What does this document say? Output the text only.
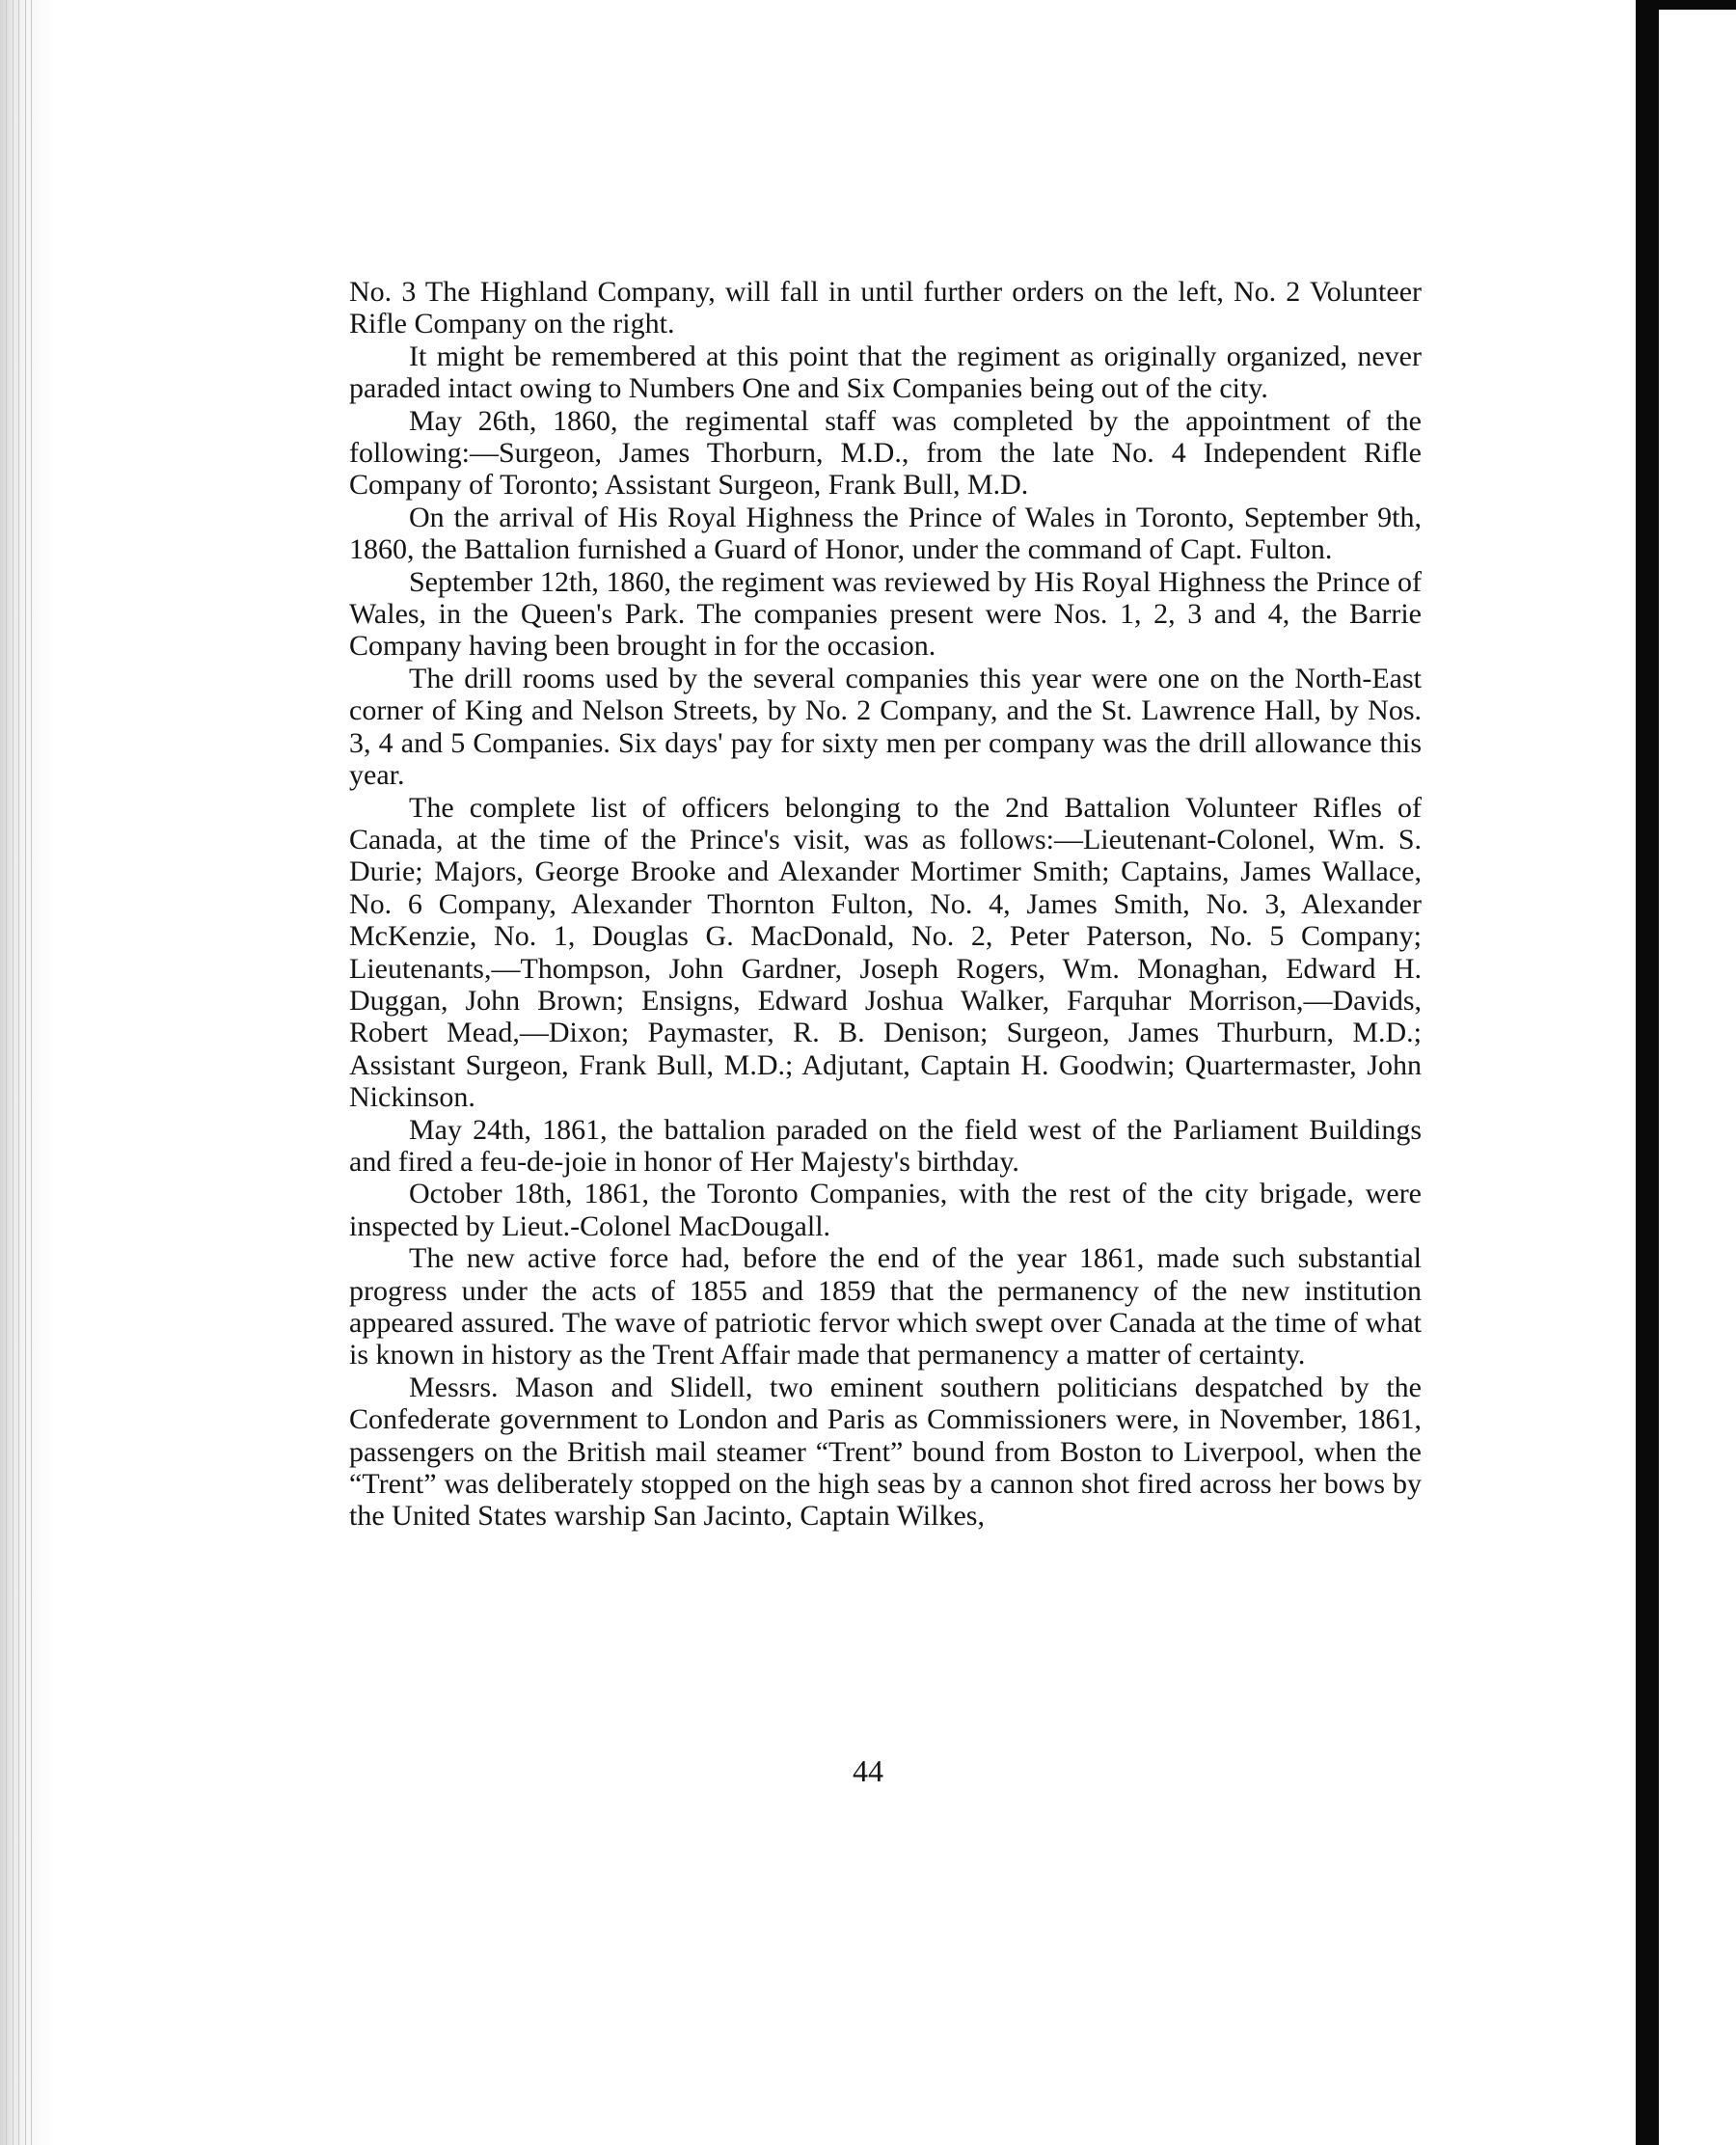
No. 3 The Highland Company, will fall in until further orders on the left, No. 2 Volunteer Rifle Company on the right.

It might be remembered at this point that the regiment as originally organized, never paraded intact owing to Numbers One and Six Companies being out of the city.

May 26th, 1860, the regimental staff was completed by the appointment of the following:—Surgeon, James Thorburn, M.D., from the late No. 4 Independent Rifle Company of Toronto; Assistant Surgeon, Frank Bull, M.D.

On the arrival of His Royal Highness the Prince of Wales in Toronto, September 9th, 1860, the Battalion furnished a Guard of Honor, under the command of Capt. Fulton.

September 12th, 1860, the regiment was reviewed by His Royal Highness the Prince of Wales, in the Queen's Park. The companies present were Nos. 1, 2, 3 and 4, the Barrie Company having been brought in for the occasion.

The drill rooms used by the several companies this year were one on the North-East corner of King and Nelson Streets, by No. 2 Company, and the St. Lawrence Hall, by Nos. 3, 4 and 5 Companies. Six days' pay for sixty men per company was the drill allowance this year.

The complete list of officers belonging to the 2nd Battalion Volunteer Rifles of Canada, at the time of the Prince's visit, was as follows:—Lieutenant-Colonel, Wm. S. Durie; Majors, George Brooke and Alexander Mortimer Smith; Captains, James Wallace, No. 6 Company, Alexander Thornton Fulton, No. 4, James Smith, No. 3, Alexander McKenzie, No. 1, Douglas G. MacDonald, No. 2, Peter Paterson, No. 5 Company; Lieutenants,—Thompson, John Gardner, Joseph Rogers, Wm. Monaghan, Edward H. Duggan, John Brown; Ensigns, Edward Joshua Walker, Farquhar Morrison,—Davids, Robert Mead,—Dixon; Paymaster, R. B. Denison; Surgeon, James Thurburn, M.D.; Assistant Surgeon, Frank Bull, M.D.; Adjutant, Captain H. Goodwin; Quartermaster, John Nickinson.

May 24th, 1861, the battalion paraded on the field west of the Parliament Buildings and fired a feu-de-joie in honor of Her Majesty's birthday.

October 18th, 1861, the Toronto Companies, with the rest of the city brigade, were inspected by Lieut.-Colonel MacDougall.

The new active force had, before the end of the year 1861, made such substantial progress under the acts of 1855 and 1859 that the permanency of the new institution appeared assured. The wave of patriotic fervor which swept over Canada at the time of what is known in history as the Trent Affair made that permanency a matter of certainty.

Messrs. Mason and Slidell, two eminent southern politicians despatched by the Confederate government to London and Paris as Commissioners were, in November, 1861, passengers on the British mail steamer “Trent” bound from Boston to Liverpool, when the “Trent” was deliberately stopped on the high seas by a cannon shot fired across her bows by the United States warship San Jacinto, Captain Wilkes,

44
